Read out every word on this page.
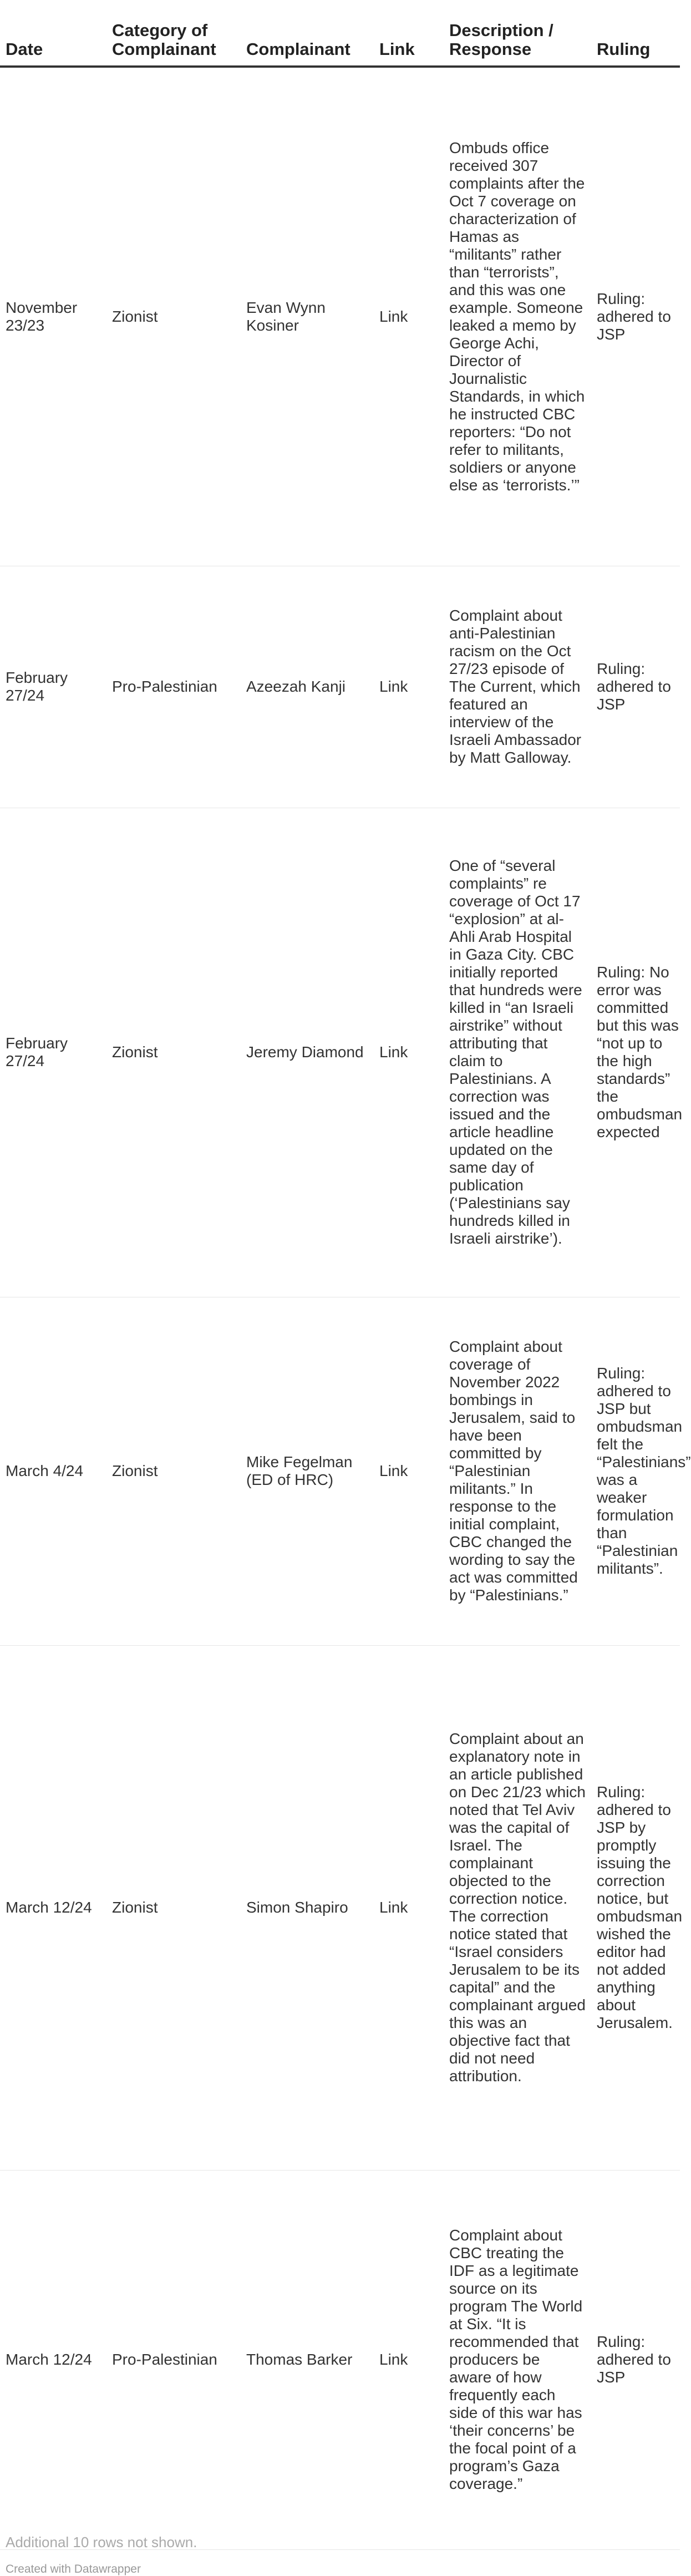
Date	Category of Complainant	Complainant	Link	Description / Response	Ruling
November 23/23	Zionist	Evan Wynn Kosiner	Link	Ombuds office received 307 complaints after the Oct 7 coverage on characterization of Hamas as “militants” rather than “terrorists”, and this was one example. Someone leaked a memo by George Achi, Director of Journalistic Standards, in which he instructed CBC reporters: “Do not refer to militants, soldiers or anyone else as ‘terrorists.’”	Ruling: adhered to JSP

February 27/24	Pro-Palestinian	Azeezah Kanji	Link	Complaint about anti-Palestinian racism on the Oct 27/23 episode of The Current, which featured an interview of the Israeli Ambassador by Matt Galloway.	Ruling: adhered to JSP

February 27/24	Zionist	Jeremy Diamond	Link	One of “several complaints” re coverage of Oct 17 “explosion” at al-Ahli Arab Hospital in Gaza City. CBC initially reported that hundreds were killed in “an Israeli airstrike” without attributing that claim to Palestinians. A correction was issued and the article headline updated on the same day of publication (‘Palestinians say hundreds killed in Israeli airstrike’).	Ruling: No error was committed but this was “not up to the high standards” the ombudsman expected

March 4/24	Zionist	Mike Fegelman (ED of HRC)	Link	Complaint about coverage of November 2022 bombings in Jerusalem, said to have been committed by “Palestinian militants.” In response to the initial complaint, CBC changed the wording to say the act was committed by “Palestinians.”	Ruling: adhered to JSP but ombudsman felt the “Palestinians” was a weaker formulation than “Palestinian militants”.

March 12/24	Zionist	Simon Shapiro	Link	Complaint about an explanatory note in an article published on Dec 21/23 which noted that Tel Aviv was the capital of Israel. The complainant objected to the correction notice. The correction notice stated that “Israel considers Jerusalem to be its capital” and the complainant argued this was an objective fact that did not need attribution.	Ruling: adhered to JSP by promptly issuing the correction notice, but ombudsman wished the editor had not added anything about Jerusalem.

March 12/24	Pro-Palestinian	Thomas Barker	Link	Complaint about CBC treating the IDF as a legitimate source on its program The World at Six. “It is recommended that producers be aware of how frequently each side of this war has ‘their concerns’ be the focal point of a program’s Gaza coverage.”	Ruling: adhered to JSP
Additional 10 rows not shown.
Created with Datawrapper
